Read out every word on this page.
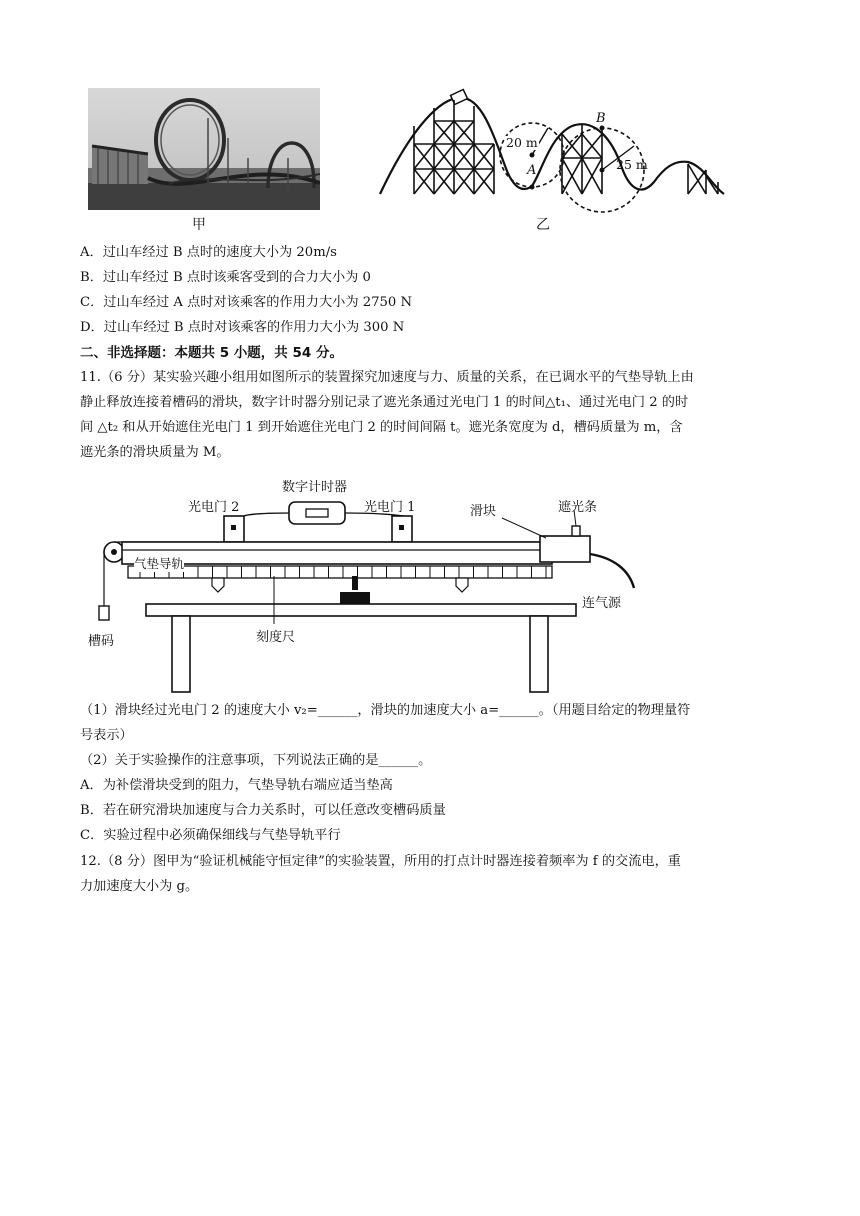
甲
20 m
25 m
A
B
乙
A．过山车经过 B 点时的速度大小为 20m/s
B．过山车经过 B 点时该乘客受到的合力大小为 0
C．过山车经过 A 点时对该乘客的作用力大小为 2750 N
D．过山车经过 B 点时对该乘客的作用力大小为 300 N
二、非选择题：本题共 5 小题，共 54 分。
11.（6 分）某实验兴趣小组用如图所示的装置探究加速度与力、质量的关系，在已调水平的气垫导轨上由
静止释放连接着槽码的滑块，数字计时器分别记录了遮光条通过光电门 1 的时间△t₁、通过光电门 2 的时
间 △t₂ 和从开始遮住光电门 1 到开始遮住光电门 2 的时间间隔 t。遮光条宽度为 d，槽码质量为 m，含
遮光条的滑块质量为 M。
光电门 2
数字计时器
光电门 1	滑块	遮光条
气垫导轨
连气源
槽码	刻度尺
（1）滑块经过光电门 2 的速度大小 v₂=______，滑块的加速度大小 a=______。（用题目给定的物理量符
号表示）
（2）关于实验操作的注意事项，下列说法正确的是______。
A．为补偿滑块受到的阻力，气垫导轨右端应适当垫高
B．若在研究滑块加速度与合力关系时，可以任意改变槽码质量
C．实验过程中必须确保细线与气垫导轨平行
12.（8 分）图甲为“验证机械能守恒定律”的实验装置，所用的打点计时器连接着频率为 f 的交流电，重
力加速度大小为 g。
